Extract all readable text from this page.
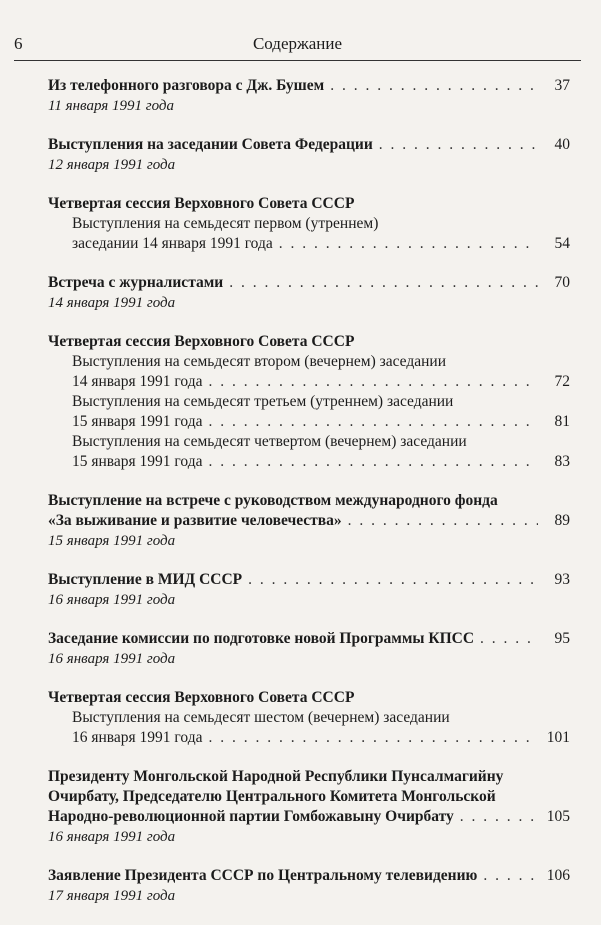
6	Содержание
Из телефонного разговора с Дж. Бушем . . .	37
11 января 1991 года
Выступления на заседании Совета Федерации . . .	40
12 января 1991 года
Четвертая сессия Верховного Совета СССР
Выступления на семьдесят первом (утреннем)
заседании 14 января 1991 года . . .	54
Встреча с журналистами . . .	70
14 января 1991 года
Четвертая сессия Верховного Совета СССР
Выступления на семьдесят втором (вечернем) заседании
14 января 1991 года . . .	72
Выступления на семьдесят третьем (утреннем) заседании
15 января 1991 года . . .	81
Выступления на семьдесят четвертом (вечернем) заседании
15 января 1991 года . . .	83
Выступление на встрече с руководством международного фонда
«За выживание и развитие человечества» . . .	89
15 января 1991 года
Выступление в МИД СССР . . .	93
16 января 1991 года
Заседание комиссии по подготовке новой Программы КПСС . . .	95
16 января 1991 года
Четвертая сессия Верховного Совета СССР
Выступления на семьдесят шестом (вечернем) заседании
16 января 1991 года . . .	101
Президенту Монгольской Народной Республики Пунсалмагийну
Очирбату, Председателю Центрального Комитета Монгольской
Народно-революционной партии Гомбожавыну Очирбату . . .	105
16 января 1991 года
Заявление Президента СССР по Центральному телевидению . . .	106
17 января 1991 года
